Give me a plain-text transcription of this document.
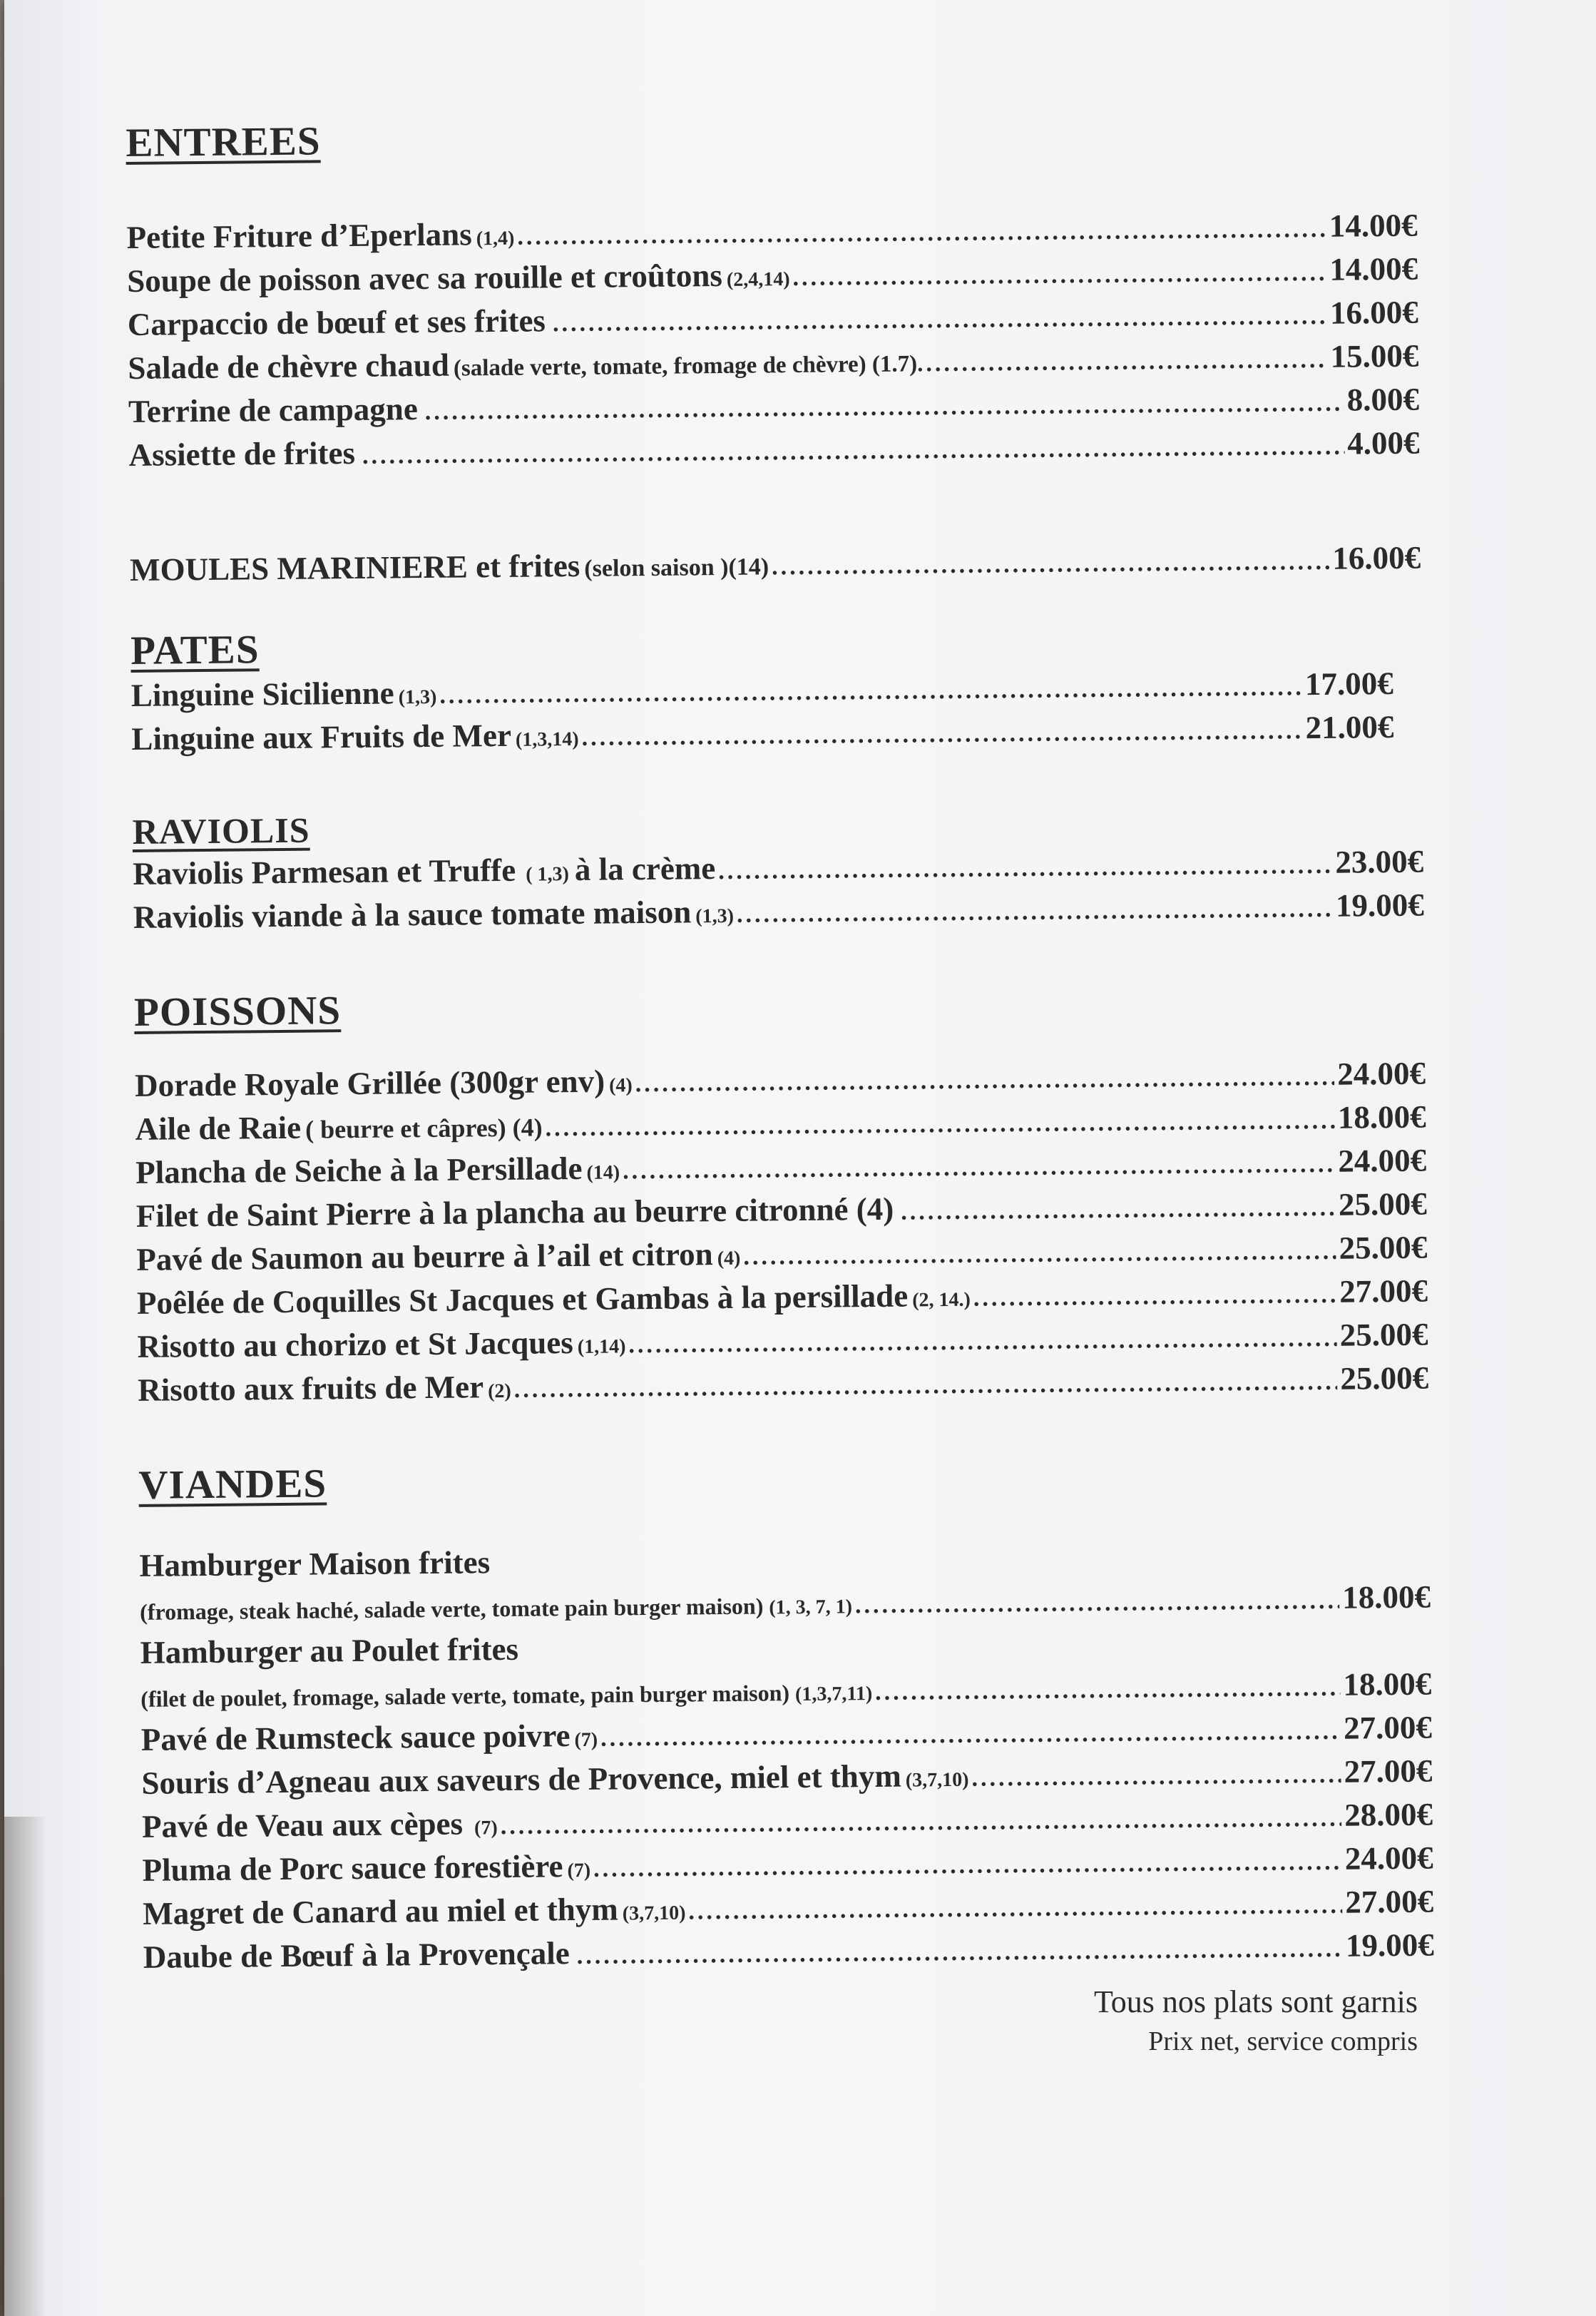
ENTREES
Petite Friture d’Eperlans (1,4) .....	14.00€
Soupe de poisson avec sa rouille et croûtons (2,4,14) .....	14.00€
Carpaccio de bœuf et ses frites .....	16.00€
Salade de chèvre chaud (salade verte, tomate, fromage de chèvre) (1.7). .....	15.00€
Terrine de campagne .....	8.00€
Assiette de frites .....	4.00€
MOULES MARINIERE et frites (selon saison )(14) .....	16.00€
PATES
Linguine Sicilienne (1,3) .....	17.00€
Linguine aux Fruits de Mer (1,3,14) .....	21.00€
RAVIOLIS
Raviolis Parmesan et Truffe ( 1,3) à la crème .....	23.00€
Raviolis viande à la sauce tomate maison (1,3) .....	19.00€
POISSONS
Dorade Royale Grillée (300gr env) (4) .....	24.00€
Aile de Raie ( beurre et câpres) (4) .....	18.00€
Plancha de Seiche à la Persillade (14) .....	24.00€
Filet de Saint Pierre à la plancha au beurre citronné (4) .....	25.00€
Pavé de Saumon au beurre à l’ail et citron (4) .....	25.00€
Poêlée de Coquilles St Jacques et Gambas à la persillade (2, 14.) .....	27.00€
Risotto au chorizo et St Jacques (1,14) .....	25.00€
Risotto aux fruits de Mer (2) .....	25.00€
VIANDES
Hamburger Maison frites
(fromage, steak haché, salade verte, tomate pain burger maison) (1, 3, 7, 1) .....	18.00€
Hamburger au Poulet frites
(filet de poulet, fromage, salade verte, tomate, pain burger maison) (1,3,7,11) .....	18.00€
Pavé de Rumsteck sauce poivre (7) .....	27.00€
Souris d’Agneau aux saveurs de Provence, miel et thym (3,7,10) .....	27.00€
Pavé de Veau aux cèpes (7) .....	28.00€
Pluma de Porc sauce forestière (7) .....	24.00€
Magret de Canard au miel et thym (3,7,10) .....	27.00€
Daube de Bœuf à la Provençale .....	19.00€
Tous nos plats sont garnis
Prix net, service compris
